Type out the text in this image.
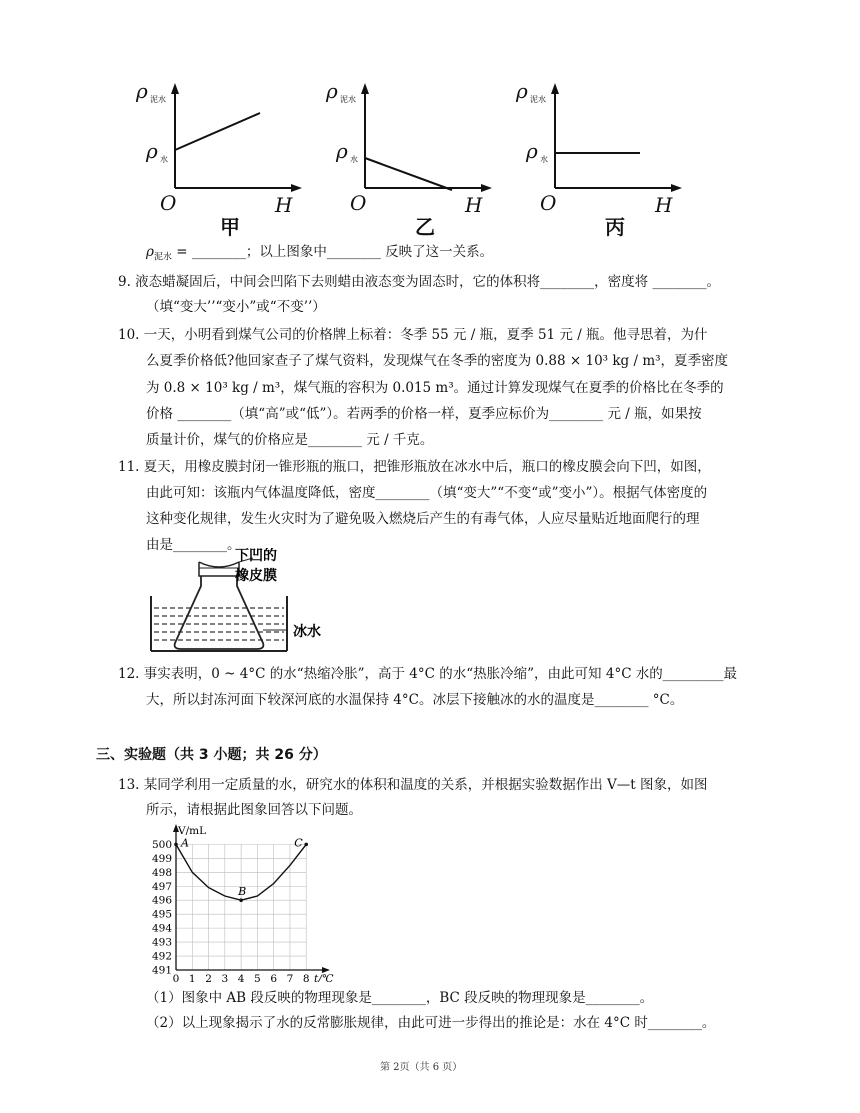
ρ 泥水
ρ 水
O	H
甲
ρ 泥水
ρ 水
O	H
乙
ρ 泥水
ρ 水
O	H
丙
$\rho_{泥水}$ = ________；以上图象中________ 反映了这一关系。
9. 液态蜡凝固后，中间会凹陷下去则蜡由液态变为固态时，它的体积将________，密度将 ________。
（填“变大’’“变小”或“不变’’）
10. 一天，小明看到煤气公司的价格牌上标着：冬季 55 元 / 瓶，夏季 51 元 / 瓶。他寻思着，为什
么夏季价格低?他回家查子了煤气资料，发现煤气在冬季的密度为 0.88 × 10³ kg / m³，夏季密度
为 0.8 × 10³ kg / m³，煤气瓶的容积为 0.015 m³。通过计算发现煤气在夏季的价格比在冬季的
价格 ________（填“高”或“低”）。若两季的价格一样，夏季应标价为________ 元 / 瓶，如果按
质量计价，煤气的价格应是________ 元 / 千克。
11. 夏天，用橡皮膜封闭一锥形瓶的瓶口，把锥形瓶放在冰水中后，瓶口的橡皮膜会向下凹，如图，
由此可知：该瓶内气体温度降低，密度________（填“变大”“不变“或”变小”）。根据气体密度的
这种变化规律，发生火灾时为了避免吸入燃烧后产生的有毒气体，人应尽量贴近地面爬行的理
由是________。
下凹的
橡皮膜
冰水
12. 事实表明，0 ~ 4°C 的水“热缩冷胀”，高于 4°C 的水“热胀冷缩”，由此可知 4°C 水的_________最
大，所以封冻河面下较深河底的水温保持 4°C。冰层下接触冰的水的温度是________ °C。
三、实验题（共 3 小题；共 26 分）
13. 某同学利用一定质量的水，研究水的体积和温度的关系，并根据实验数据作出 V—t 图象，如图
所示，请根据此图象回答以下问题。
491
492
493
494
495
496
497
498
499
500
0 1 2 3 4 5 6 7 8
V/mL
t/℃
A
B
C
（1）图象中 AB 段反映的物理现象是________，BC 段反映的物理现象是________。
（2）以上现象揭示了水的反常膨胀规律，由此可进一步得出的推论是：水在 4°C 时________。
第 2页（共 6 页）
